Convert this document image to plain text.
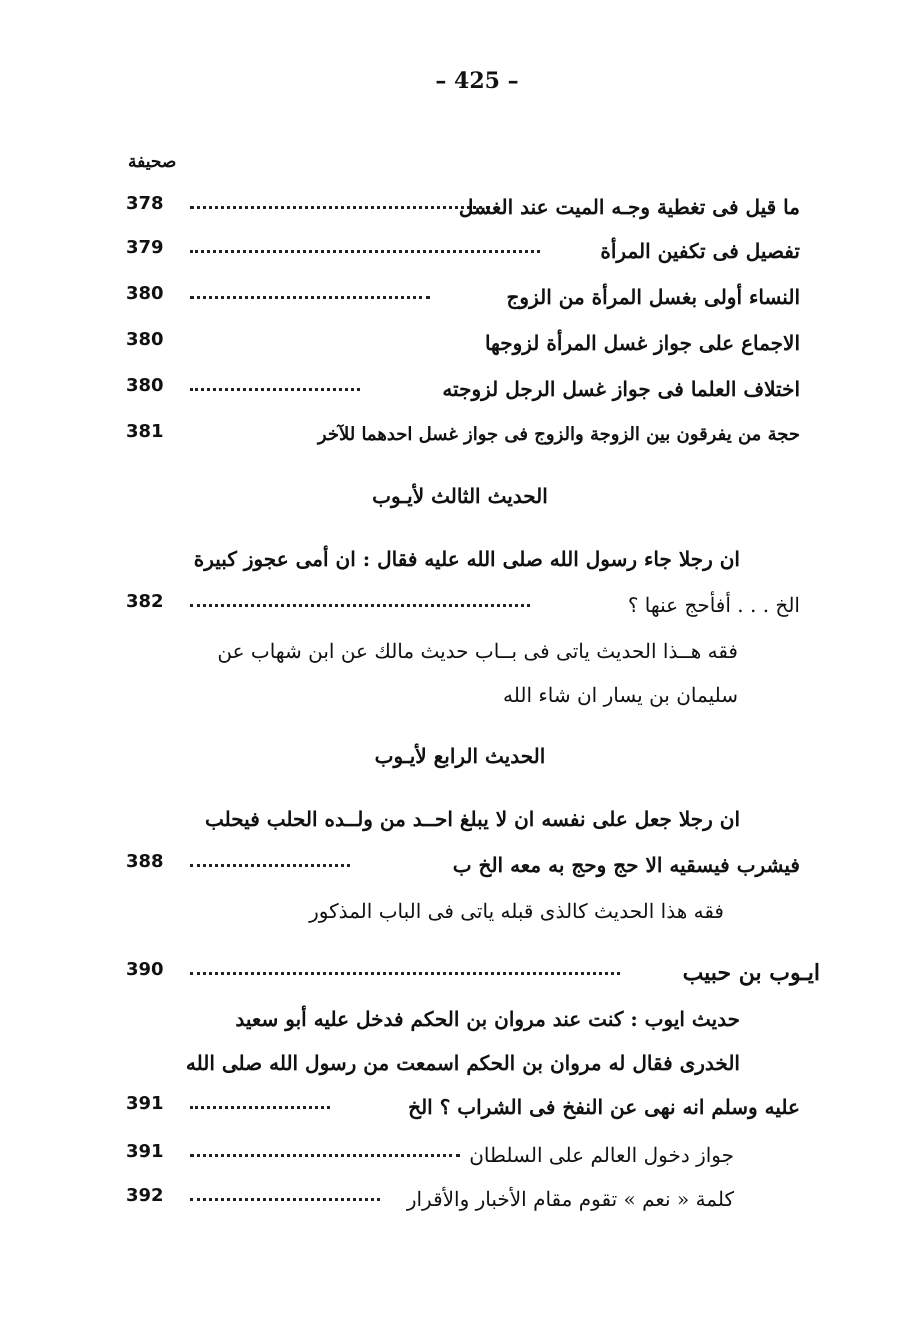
– 425 –
صحيفة
378	ما قيل فى تغطية وجـه الميت عند الغسل
379	تفصيل فى تكفين المرأة
380	النساء أولى بغسل المرأة من الزوج
380	الاجماع على جواز غسل المرأة لزوجها
380	اختلاف العلما فى جواز غسل الرجل لزوجته
381	حجة من يفرقون بين الزوجة والزوج فى جواز غسل احدهما للآخر
الحديث الثالث لأيـوب
ان رجلا جاء رسول الله صلى الله عليه فقال : ان أمى عجوز كبيرة
382	الخ . . . أفأحج عنها ؟
فقه هــذا الحديث ياتى فى بــاب حديث مالك عن ابن شهاب عن
سليمان بن يسار ان شاء الله
الحديث الرابع لأيـوب
ان رجلا جعل على نفسه ان لا يبلغ احــد من ولــده الحلب فيحلب
388	فيشرب فيسقيه الا حج وحج به معه الخ ب
فقه هذا الحديث كالذى قبله ياتى فى الباب المذكور
390	ايـوب بن حبيب
حديث ايوب : كنت عند مروان بن الحكم فدخل عليه أبو سعيد
الخدرى فقال له مروان بن الحكم اسمعت من رسول الله صلى الله
391	عليه وسلم انه نهى عن النفخ فى الشراب ؟ الخ
391	جواز دخول العالم على السلطان
392	كلمة « نعم » تقوم مقام الأخبار والأقرار
